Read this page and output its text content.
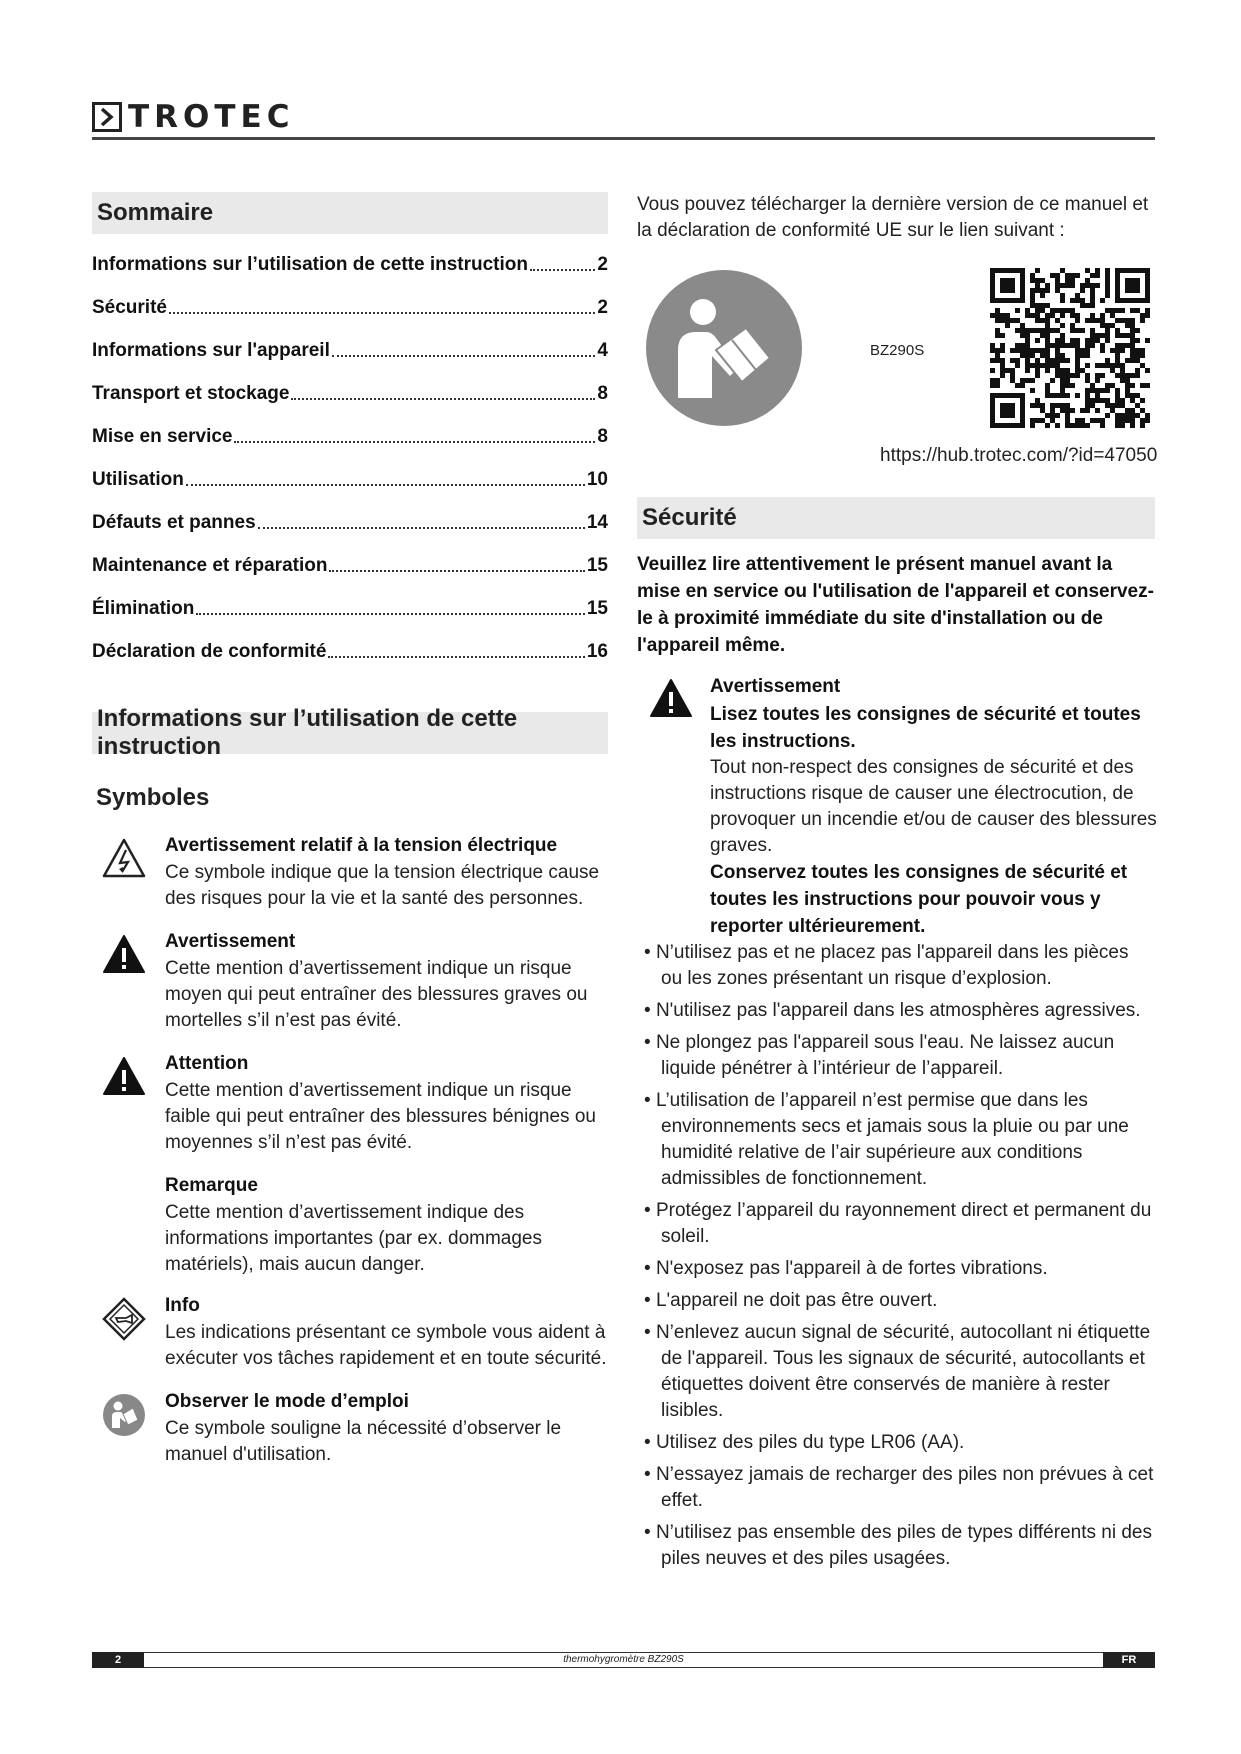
TROTEC
Sommaire
Informations sur l’utilisation de cette instruction	2
Sécurité	2
Informations sur l'appareil	4
Transport et stockage	8
Mise en service	8
Utilisation	10
Défauts et pannes	14
Maintenance et réparation	15
Élimination	15
Déclaration de conformité	16
Informations sur l’utilisation de cette instruction
Symboles
Avertissement relatif à la tension électrique
Ce symbole indique que la tension électrique cause des risques pour la vie et la santé des personnes.
Avertissement
Cette mention d’avertissement indique un risque moyen qui peut entraîner des blessures graves ou mortelles s’il n’est pas évité.
Attention
Cette mention d’avertissement indique un risque faible qui peut entraîner des blessures bénignes ou moyennes s’il n’est pas évité.
Remarque
Cette mention d’avertissement indique des informations importantes (par ex. dommages matériels), mais aucun danger.
Info
Les indications présentant ce symbole vous aident à exécuter vos tâches rapidement et en toute sécurité.
Observer le mode d’emploi
Ce symbole souligne la nécessité d’observer le manuel d'utilisation.
Vous pouvez télécharger la dernière version de ce manuel et la déclaration de conformité UE sur le lien suivant :
BZ290S
https://hub.trotec.com/?id=47050
Sécurité
Veuillez lire attentivement le présent manuel avant la mise en service ou l'utilisation de l'appareil et conservez-le à proximité immédiate du site d'installation ou de l'appareil même.
Avertissement
Lisez toutes les consignes de sécurité et toutes les instructions.
Tout non-respect des consignes de sécurité et des instructions risque de causer une électrocution, de provoquer un incendie et/ou de causer des blessures graves.
Conservez toutes les consignes de sécurité et toutes les instructions pour pouvoir vous y reporter ultérieurement.
• N’utilisez pas et ne placez pas l'appareil dans les pièces ou les zones présentant un risque d’explosion.
• N'utilisez pas l'appareil dans les atmosphères agressives.
• Ne plongez pas l'appareil sous l'eau. Ne laissez aucun liquide pénétrer à l’intérieur de l’appareil.
• L’utilisation de l’appareil n’est permise que dans les environnements secs et jamais sous la pluie ou par une humidité relative de l’air supérieure aux conditions admissibles de fonctionnement.
• Protégez l’appareil du rayonnement direct et permanent du soleil.
• N'exposez pas l'appareil à de fortes vibrations.
• L'appareil ne doit pas être ouvert.
• N’enlevez aucun signal de sécurité, autocollant ni étiquette de l'appareil. Tous les signaux de sécurité, autocollants et étiquettes doivent être conservés de manière à rester lisibles.
• Utilisez des piles du type LR06 (AA).
• N’essayez jamais de recharger des piles non prévues à cet effet.
• N’utilisez pas ensemble des piles de types différents ni des piles neuves et des piles usagées.
2	thermohygromètre BZ290S	FR
